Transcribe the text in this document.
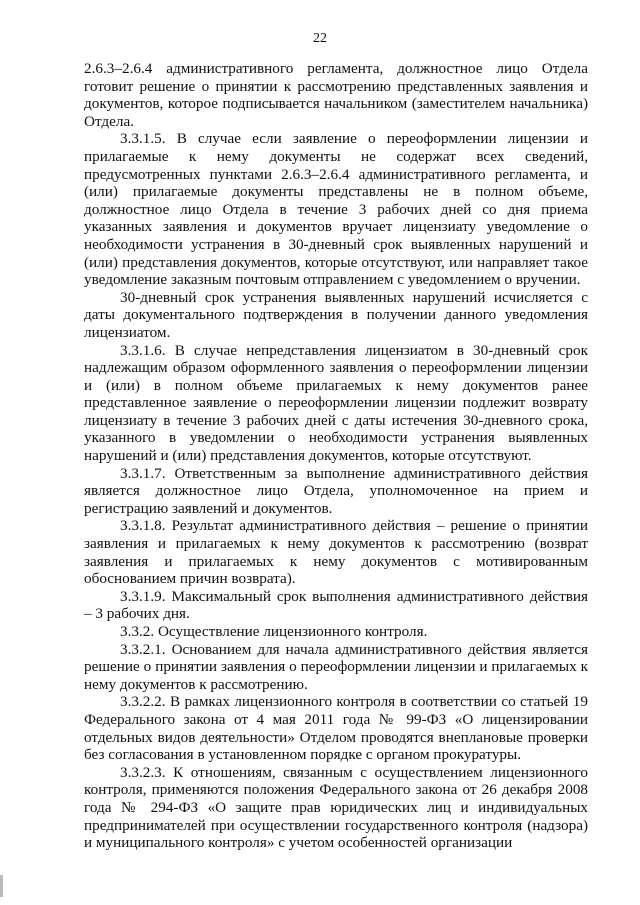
22

2.6.3–2.6.4 административного регламента, должностное лицо Отдела готовит решение о принятии к рассмотрению представленных заявления и документов, которое подписывается начальником (заместителем начальника) Отдела.

3.3.1.5. В случае если заявление о переоформлении лицензии и прилагаемые к нему документы не содержат всех сведений, предусмотренных пунктами 2.6.3–2.6.4 административного регламента, и (или) прилагаемые документы представлены не в полном объеме, должностное лицо Отдела в течение 3 рабочих дней со дня приема указанных заявления и документов вручает лицензиату уведомление о необходимости устранения в 30-дневный срок выявленных нарушений и (или) представления документов, которые отсутствуют, или направляет такое уведомление заказным почтовым отправлением с уведомлением о вручении.

30-дневный срок устранения выявленных нарушений исчисляется с даты документального подтверждения в получении данного уведомления лицензиатом.

3.3.1.6. В случае непредставления лицензиатом в 30-дневный срок надлежащим образом оформленного заявления о переоформлении лицензии и (или) в полном объеме прилагаемых к нему документов ранее представленное заявление о переоформлении лицензии подлежит возврату лицензиату в течение 3 рабочих дней с даты истечения 30-дневного срока, указанного в уведомлении о необходимости устранения выявленных нарушений и (или) представления документов, которые отсутствуют.

3.3.1.7. Ответственным за выполнение административного действия является должностное лицо Отдела, уполномоченное на прием и регистрацию заявлений и документов.

3.3.1.8. Результат административного действия – решение о принятии заявления и прилагаемых к нему документов к рассмотрению (возврат заявления и прилагаемых к нему документов с мотивированным обоснованием причин возврата).

3.3.1.9. Максимальный срок выполнения административного действия – 3 рабочих дня.

3.3.2. Осуществление лицензионного контроля.

3.3.2.1. Основанием для начала административного действия является решение о принятии заявления о переоформлении лицензии и прилагаемых к нему документов к рассмотрению.

3.3.2.2. В рамках лицензионного контроля в соответствии со статьей 19 Федерального закона от 4 мая 2011 года № 99-ФЗ «О лицензировании отдельных видов деятельности» Отделом проводятся внеплановые проверки без согласования в установленном порядке с органом прокуратуры.

3.3.2.3. К отношениям, связанным с осуществлением лицензионного контроля, применяются положения Федерального закона от 26 декабря 2008 года № 294-ФЗ «О защите прав юридических лиц и индивидуальных предпринимателей при осуществлении государственного контроля (надзора) и муниципального контроля» с учетом особенностей организации
